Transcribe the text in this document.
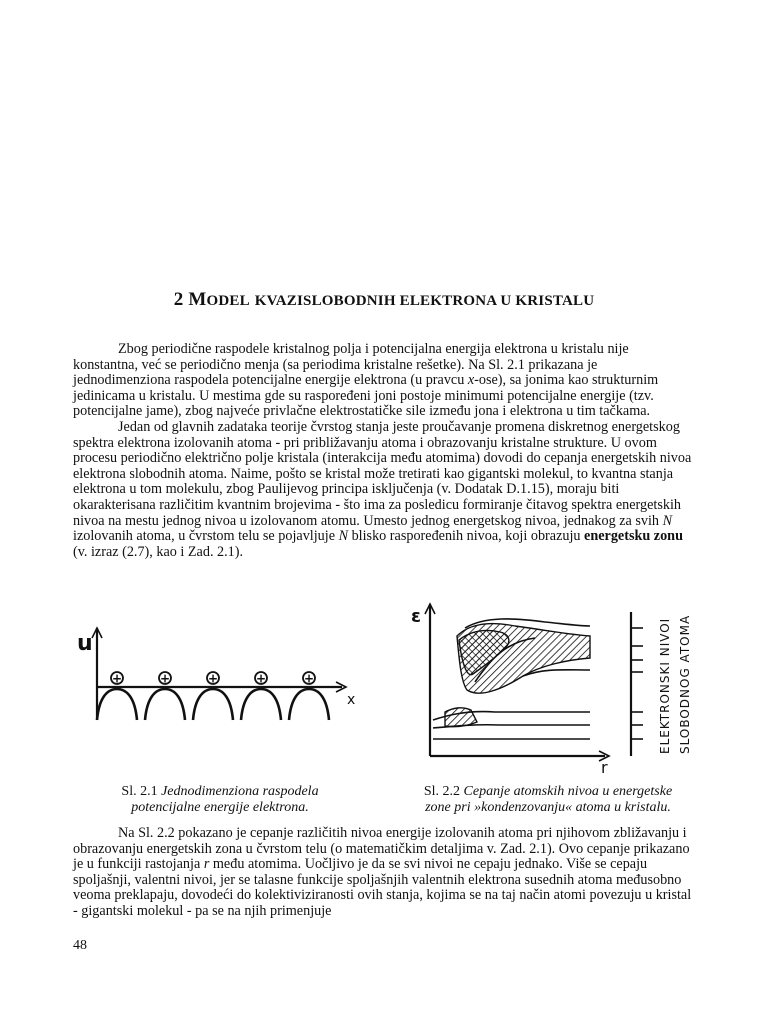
2 MODEL KVAZISLOBODNIH ELEKTRONA U KRISTALU
Zbog periodične raspodele kristalnog polja i potencijalna energija elektrona u kristalu nije konstantna, već se periodično menja (sa periodima kristalne rešetke). Na Sl. 2.1 prikazana je jednodimenziona raspodela potencijalne energije elektrona (u pravcu x-ose), sa jonima kao strukturnim jedinicama u kristalu. U mestima gde su raspoređeni joni postoje minimumi potencijalne energije (tzv. potencijalne jame), zbog najveće privlačne elektrostatičke sile između jona i elektrona u tim tačkama.
Jedan od glavnih zadataka teorije čvrstog stanja jeste proučavanje promena diskretnog energetskog spektra elektrona izolovanih atoma - pri približavanju atoma i obrazovanju kristalne strukture. U ovom procesu periodično električno polje kristala (interakcija među atomima) dovodi do cepanja energetskih nivoa elektrona slobodnih atoma. Naime, pošto se kristal može tretirati kao gigantski molekul, to kvantna stanja elektrona u tom molekulu, zbog Paulijevog principa isključenja (v. Dodatak D.1.15), moraju biti okarakterisana različitim kvantnim brojevima - što ima za posledicu formiranje čitavog spektra energetskih nivoa na mestu jednog nivoa u izolovanom atomu. Umesto jednog energetskog nivoa, jednakog za svih N izolovanih atoma, u čvrstom telu se pojavljuje N blisko raspoređenih nivoa, koji obrazuju energetsku zonu (v. izraz (2.7), kao i Zad. 2.1).
u
x
+	+	+	+	+
ε
r
ELEKTRONSKI NIVOI SLOBODNOG ATOMA
Sl. 2.1 Jednodimenziona raspodela
potencijalne energije elektrona.
Sl. 2.2 Cepanje atomskih nivoa u energetske
zone pri »kondenzovanju« atoma u kristalu.
Na Sl. 2.2 pokazano je cepanje različitih nivoa energije izolovanih atoma pri njihovom zbližavanju i obrazovanju energetskih zona u čvrstom telu (o matematičkim detaljima v. Zad. 2.1). Ovo cepanje prikazano je u funkciji rastojanja r među atomima. Uočljivo je da se svi nivoi ne cepaju jednako. Više se cepaju spoljašnji, valentni nivoi, jer se talasne funkcije spoljašnjih valentnih elektrona susednih atoma međusobno veoma preklapaju, dovodeći do kolektiviziranosti ovih stanja, kojima se na taj način atomi povezuju u kristal - gigantski molekul - pa se na njih primenjuje
48
